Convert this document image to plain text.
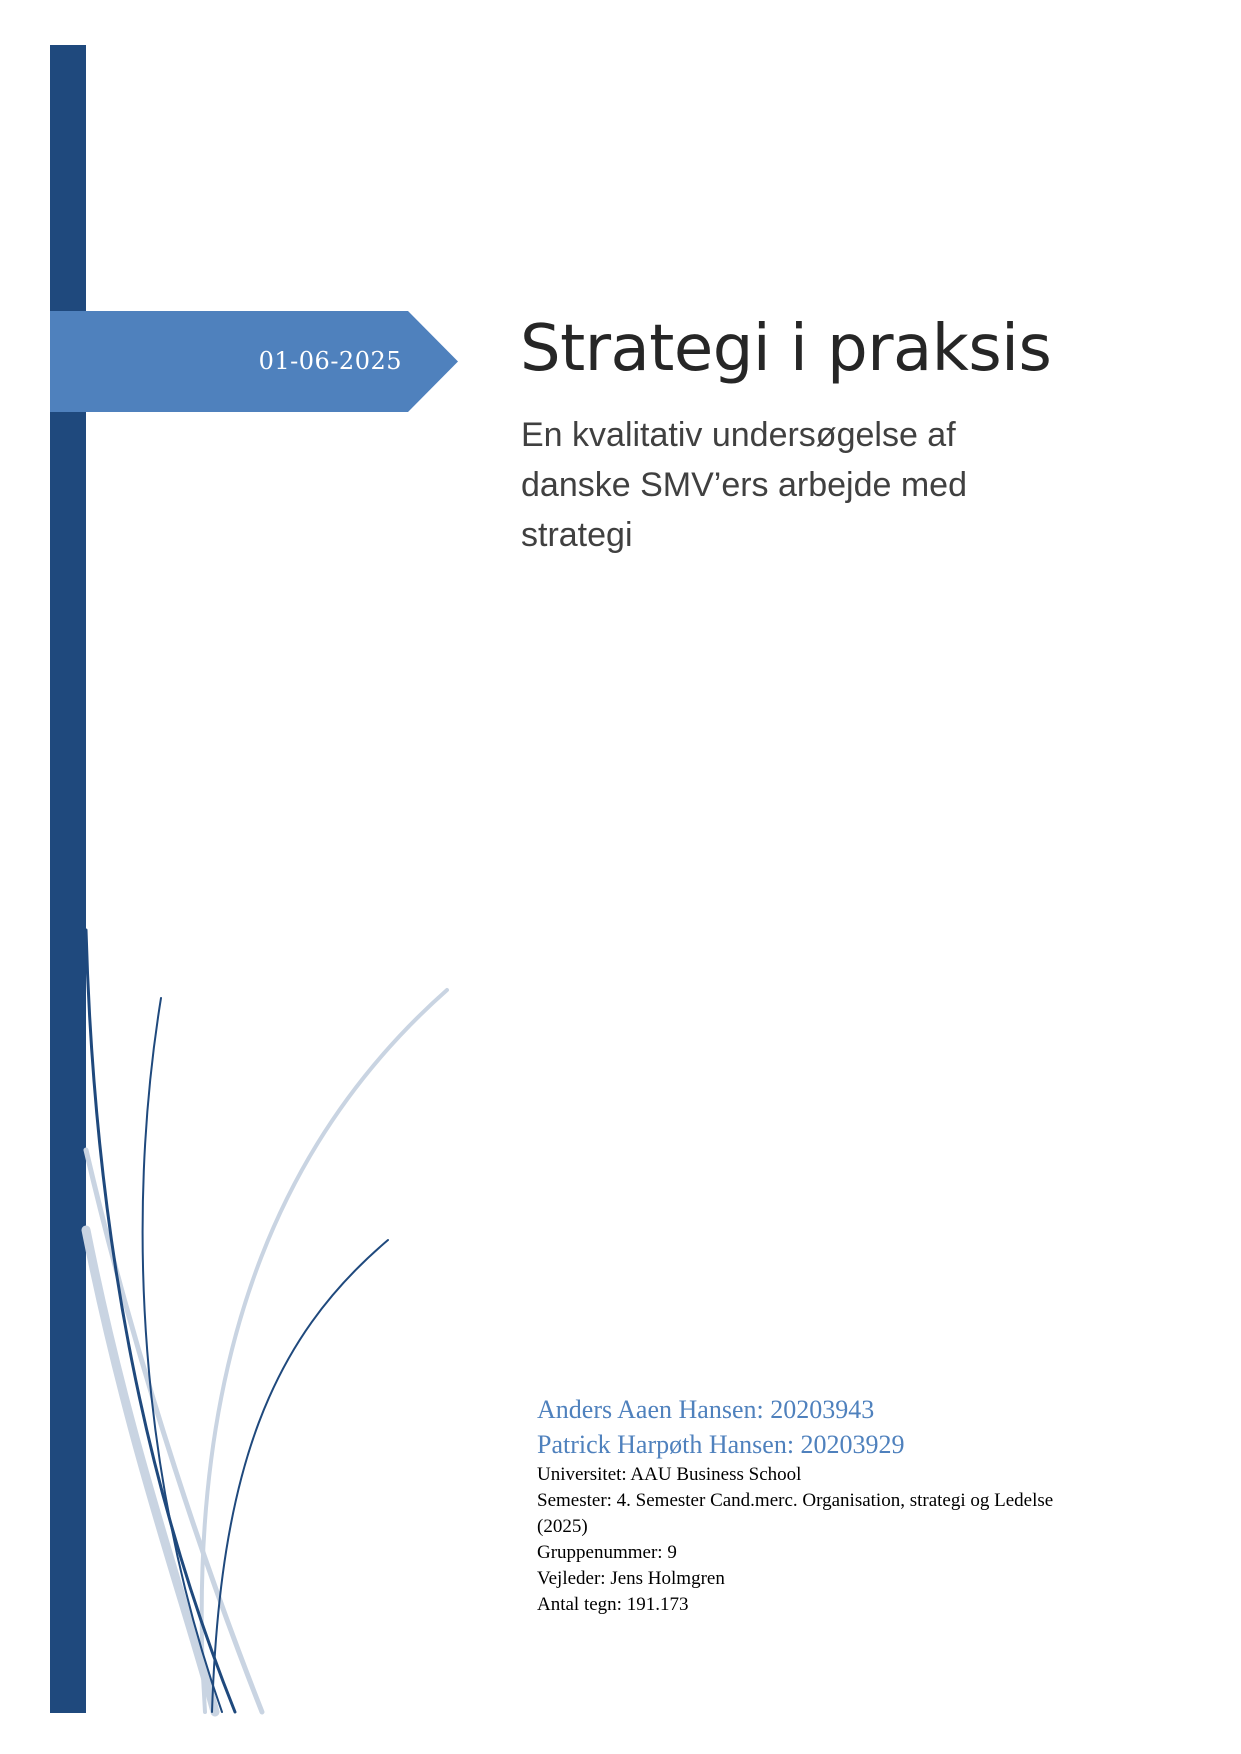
01-06-2025 Strategi i praksis
En kvalitativ undersøgelse af danske SMV’ers arbejde med strategi
Anders Aaen Hansen: 20203943
Patrick Harpøth Hansen: 20203929
Universitet: AAU Business School
Semester: 4. Semester Cand.merc. Organisation, strategi og Ledelse (2025)
Gruppenummer: 9
Vejleder: Jens Holmgren
Antal tegn: 191.173
